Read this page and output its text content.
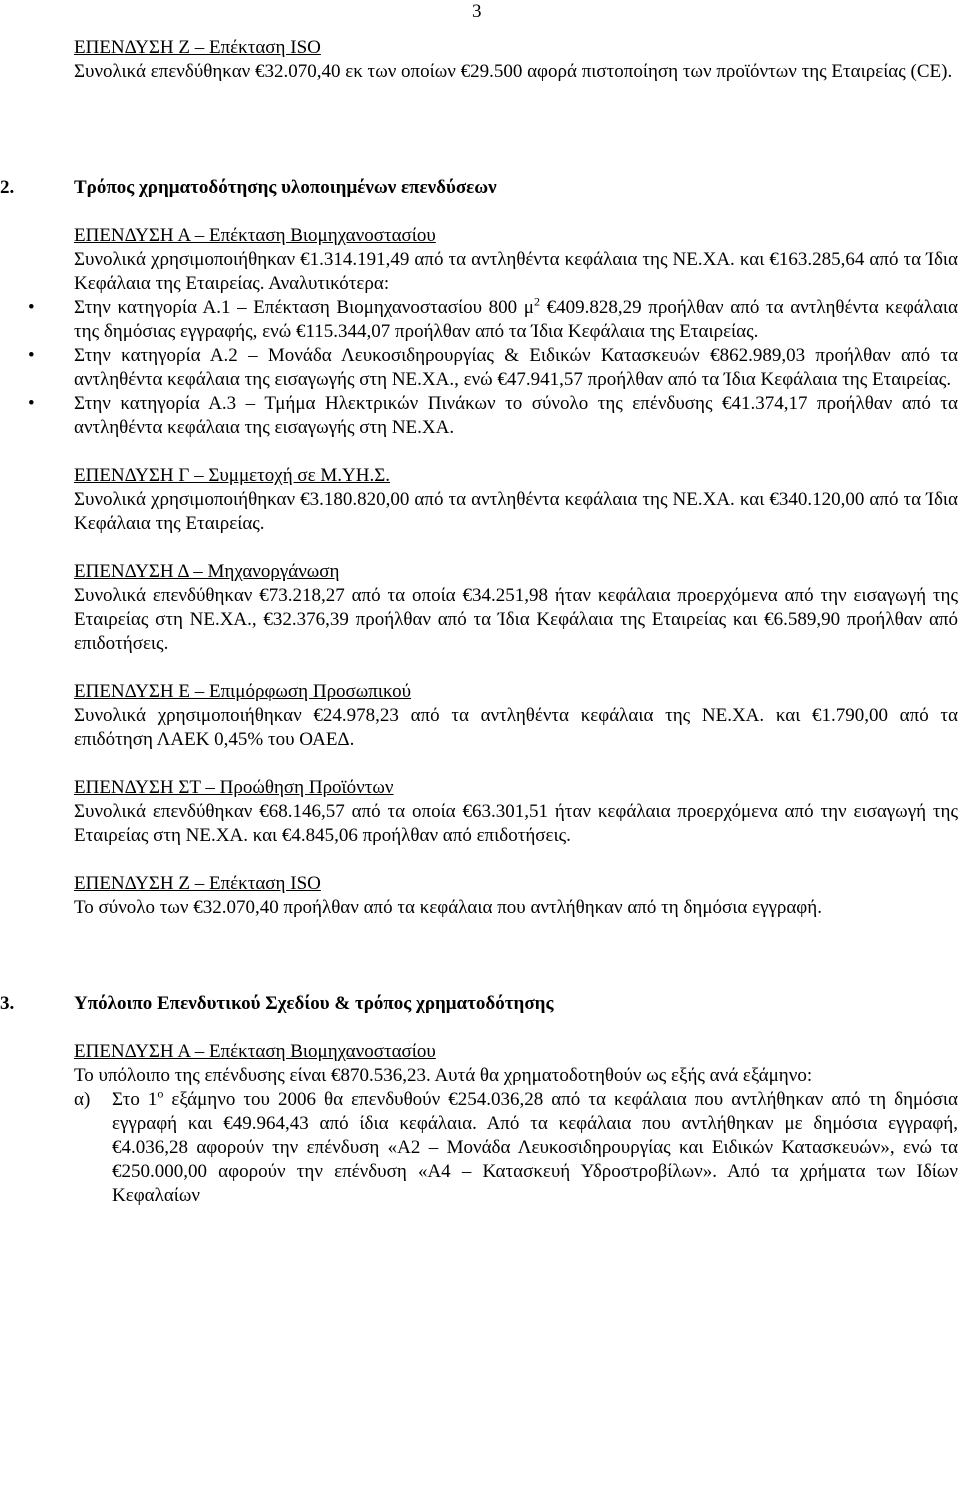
3

ΕΠΕΝΔΥΣΗ Ζ – Επέκταση ISO

Συνολικά επενδύθηκαν €32.070,40 εκ των οποίων €29.500 αφορά πιστοποίηση των προϊόντων της Εταιρείας (CE).

2.	Τρόπος χρηματοδότησης υλοποιημένων επενδύσεων

ΕΠΕΝΔΥΣΗ Α – Επέκταση Βιομηχανοστασίου

Συνολικά χρησιμοποιήθηκαν €1.314.191,49 από τα αντληθέντα κεφάλαια της ΝΕ.ΧΑ. και €163.285,64 από τα Ίδια Κεφάλαια της Εταιρείας. Αναλυτικότερα:

• Στην κατηγορία Α.1 – Επέκταση Βιομηχανοστασίου 800 $\mu^2$ €409.828,29 προήλθαν από τα αντληθέντα κεφάλαια της δημόσιας εγγραφής, ενώ €115.344,07 προήλθαν από τα Ίδια Κεφάλαια της Εταιρείας.
• Στην κατηγορία Α.2 – Μονάδα Λευκοσιδηρουργίας & Ειδικών Κατασκευών €862.989,03 προήλθαν από τα αντληθέντα κεφάλαια της εισαγωγής στη ΝΕ.ΧΑ., ενώ €47.941,57 προήλθαν από τα Ίδια Κεφάλαια της Εταιρείας.
• Στην κατηγορία Α.3 – Τμήμα Ηλεκτρικών Πινάκων το σύνολο της επένδυσης €41.374,17 προήλθαν από τα αντληθέντα κεφάλαια της εισαγωγής στη ΝΕ.ΧΑ.

ΕΠΕΝΔΥΣΗ Γ – Συμμετοχή σε Μ.ΥΗ.Σ.

Συνολικά χρησιμοποιήθηκαν €3.180.820,00 από τα αντληθέντα κεφάλαια της ΝΕ.ΧΑ. και €340.120,00 από τα Ίδια Κεφάλαια της Εταιρείας.

ΕΠΕΝΔΥΣΗ Δ – Μηχανοργάνωση

Συνολικά επενδύθηκαν €73.218,27 από τα οποία €34.251,98 ήταν κεφάλαια προερχόμενα από την εισαγωγή της Εταιρείας στη ΝΕ.ΧΑ., €32.376,39 προήλθαν από τα Ίδια Κεφάλαια της Εταιρείας και €6.589,90 προήλθαν από επιδοτήσεις.

ΕΠΕΝΔΥΣΗ Ε – Επιμόρφωση Προσωπικού

Συνολικά χρησιμοποιήθηκαν €24.978,23 από τα αντληθέντα κεφάλαια της ΝΕ.ΧΑ. και €1.790,00 από τα επιδότηση ΛΑΕΚ 0,45% του ΟΑΕΔ.

ΕΠΕΝΔΥΣΗ ΣΤ – Προώθηση Προϊόντων

Συνολικά επενδύθηκαν €68.146,57 από τα οποία €63.301,51 ήταν κεφάλαια προερχόμενα από την εισαγωγή της Εταιρείας στη ΝΕ.ΧΑ. και €4.845,06 προήλθαν από επιδοτήσεις.

ΕΠΕΝΔΥΣΗ Ζ – Επέκταση ISO

Το σύνολο των €32.070,40 προήλθαν από τα κεφάλαια που αντλήθηκαν από τη δημόσια εγγραφή.

3.	Υπόλοιπο Επενδυτικού Σχεδίου & τρόπος χρηματοδότησης

ΕΠΕΝΔΥΣΗ Α – Επέκταση Βιομηχανοστασίου

Το υπόλοιπο της επένδυσης είναι €870.536,23. Αυτά θα χρηματοδοτηθούν ως εξής ανά εξάμηνο:

α)	Στο $1^o$ εξάμηνο του 2006 θα επενδυθούν €254.036,28 από τα κεφάλαια που αντλήθηκαν από τη δημόσια εγγραφή και €49.964,43 από ίδια κεφάλαια. Από τα κεφάλαια που αντλήθηκαν με δημόσια εγγραφή, €4.036,28 αφορούν την επένδυση «Α2 – Μονάδα Λευκοσιδηρουργίας και Ειδικών Κατασκευών», ενώ τα €250.000,00 αφορούν την επένδυση «Α4 – Κατασκευή Υδροστροβίλων». Από τα χρήματα των Ιδίων Κεφαλαίων
